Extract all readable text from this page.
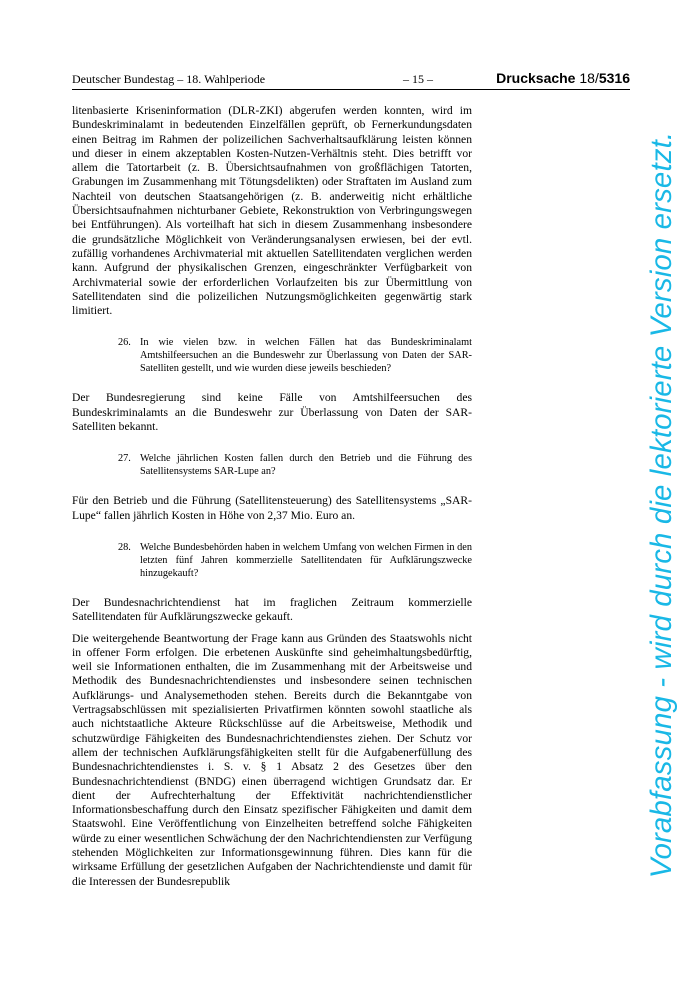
Deutscher Bundestag – 18. Wahlperiode	– 15 –	Drucksache 18/5316

litenbasierte Kriseninformation (DLR-ZKI) abgerufen werden konnten, wird im Bundeskriminalamt in bedeutenden Einzelfällen geprüft, ob Fernerkundungsdaten einen Beitrag im Rahmen der polizeilichen Sachverhaltsaufklärung leisten können und dieser in einem akzeptablen Kosten-Nutzen-Verhältnis steht. Dies betrifft vor allem die Tatortarbeit (z. B. Übersichtsaufnahmen von großflächigen Tatorten, Grabungen im Zusammenhang mit Tötungsdelikten) oder Straftaten im Ausland zum Nachteil von deutschen Staatsangehörigen (z. B. anderweitig nicht erhältliche Übersichtsaufnahmen nichturbaner Gebiete, Rekonstruktion von Verbringungswegen bei Entführungen). Als vorteilhaft hat sich in diesem Zusammenhang insbesondere die grundsätzliche Möglichkeit von Veränderungsanalysen erwiesen, bei der evtl. zufällig vorhandenes Archivmaterial mit aktuellen Satellitendaten verglichen werden kann. Aufgrund der physikalischen Grenzen, eingeschränkter Verfügbarkeit von Archivmaterial sowie der erforderlichen Vorlaufzeiten bis zur Übermittlung von Satellitendaten sind die polizeilichen Nutzungsmöglichkeiten gegenwärtig stark limitiert.

26. In wie vielen bzw. in welchen Fällen hat das Bundeskriminalamt Amtshilfeersuchen an die Bundeswehr zur Überlassung von Daten der SAR-Satelliten gestellt, und wie wurden diese jeweils beschieden?

Der Bundesregierung sind keine Fälle von Amtshilfeersuchen des Bundeskriminalamts an die Bundeswehr zur Überlassung von Daten der SAR-Satelliten bekannt.

27. Welche jährlichen Kosten fallen durch den Betrieb und die Führung des Satellitensystems SAR-Lupe an?

Für den Betrieb und die Führung (Satellitensteuerung) des Satellitensystems „SAR-Lupe“ fallen jährlich Kosten in Höhe von 2,37 Mio. Euro an.

28. Welche Bundesbehörden haben in welchem Umfang von welchen Firmen in den letzten fünf Jahren kommerzielle Satellitendaten für Aufklärungszwecke hinzugekauft?

Der Bundesnachrichtendienst hat im fraglichen Zeitraum kommerzielle Satellitendaten für Aufklärungszwecke gekauft.

Die weitergehende Beantwortung der Frage kann aus Gründen des Staatswohls nicht in offener Form erfolgen. Die erbetenen Auskünfte sind geheimhaltungsbedürftig, weil sie Informationen enthalten, die im Zusammenhang mit der Arbeitsweise und Methodik des Bundesnachrichtendienstes und insbesondere seinen technischen Aufklärungs- und Analysemethoden stehen. Bereits durch die Bekanntgabe von Vertragsabschlüssen mit spezialisierten Privatfirmen könnten sowohl staatliche als auch nichtstaatliche Akteure Rückschlüsse auf die Arbeitsweise, Methodik und schutzwürdige Fähigkeiten des Bundesnachrichtendienstes ziehen. Der Schutz vor allem der technischen Aufklärungsfähigkeiten stellt für die Aufgabenerfüllung des Bundesnachrichtendienstes i. S. v. § 1 Absatz 2 des Gesetzes über den Bundesnachrichtendienst (BNDG) einen überragend wichtigen Grundsatz dar. Er dient der Aufrechterhaltung der Effektivität nachrichtendienstlicher Informationsbeschaffung durch den Einsatz spezifischer Fähigkeiten und damit dem Staatswohl. Eine Veröffentlichung von Einzelheiten betreffend solche Fähigkeiten würde zu einer wesentlichen Schwächung der den Nachrichtendiensten zur Verfügung stehenden Möglichkeiten zur Informationsgewinnung führen. Dies kann für die wirksame Erfüllung der gesetzlichen Aufgaben der Nachrichtendienste und damit für die Interessen der Bundesrepublik

Vorabfassung - wird durch die lektorierte Version ersetzt.
